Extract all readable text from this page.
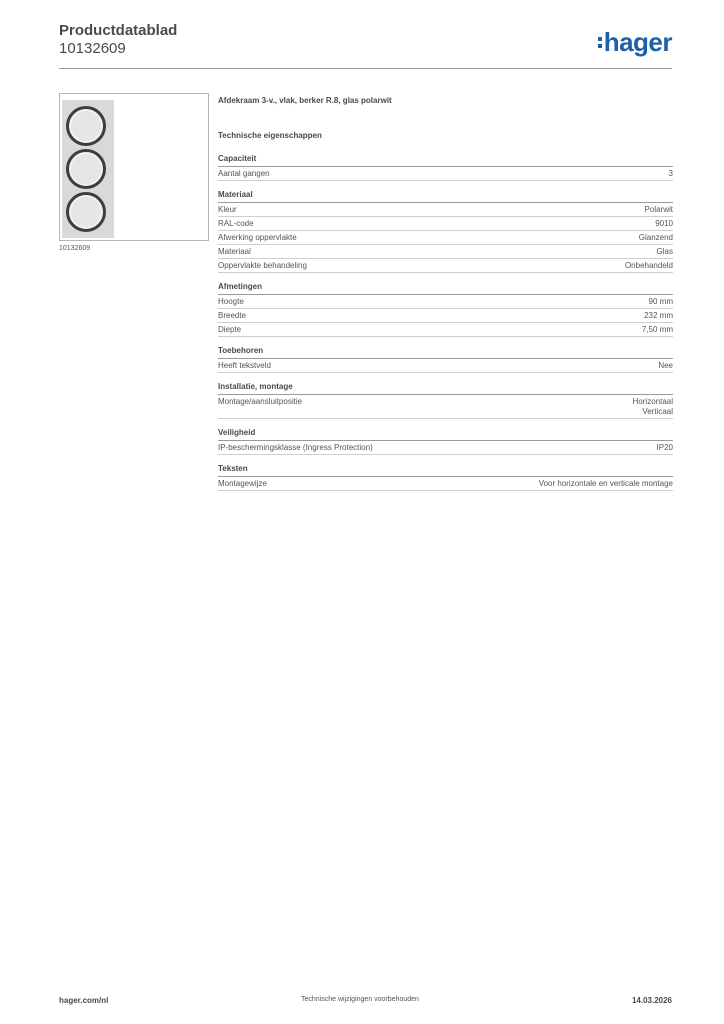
Productdatablad
10132609	hager
10132609
Afdekraam 3-v., vlak, berker R.8, glas polarwit
Technische eigenschappen
Capaciteit
Aantal gangen	3
Materiaal
Kleur	Polarwit
RAL-code	9010
Afwerking oppervlakte	Glanzend
Materiaal	Glas
Oppervlakte behandeling	Onbehandeld
Afmetingen
Hoogte	90 mm
Breedte	232 mm
Diepte	7,50 mm
Toebehoren
Heeft tekstveld	Nee
Installatie, montage
Montage/aansluitpositie	Horizontaal
Verticaal
Veiligheid
IP-beschermingsklasse (Ingress Protection)	IP20
Teksten
Montagewijze	Voor horizontale en verticale montage
hager.com/nl	Technische wijzigingen voorbehouden	14.03.2026
